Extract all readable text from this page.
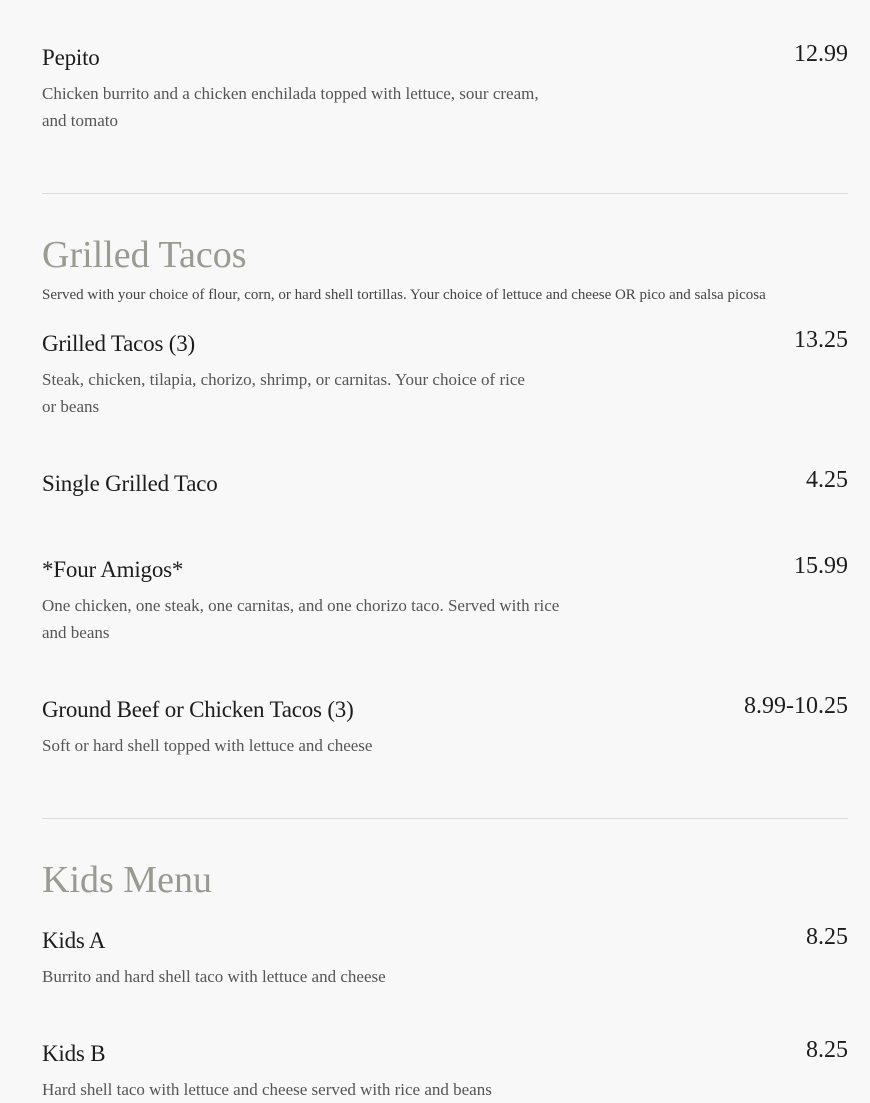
Pepito	12.99
Chicken burrito and a chicken enchilada topped with lettuce, sour cream,
and tomato
Grilled Tacos
Served with your choice of flour, corn, or hard shell tortillas. Your choice of lettuce and cheese OR pico and salsa picosa
Grilled Tacos (3)	13.25
Steak, chicken, tilapia, chorizo, shrimp, or carnitas. Your choice of rice
or beans
Single Grilled Taco	4.25
*Four Amigos*	15.99
One chicken, one steak, one carnitas, and one chorizo taco. Served with rice
and beans
Ground Beef or Chicken Tacos (3)	8.99-10.25
Soft or hard shell topped with lettuce and cheese
Kids Menu
Kids A	8.25
Burrito and hard shell taco with lettuce and cheese
Kids B	8.25
Hard shell taco with lettuce and cheese served with rice and beans
